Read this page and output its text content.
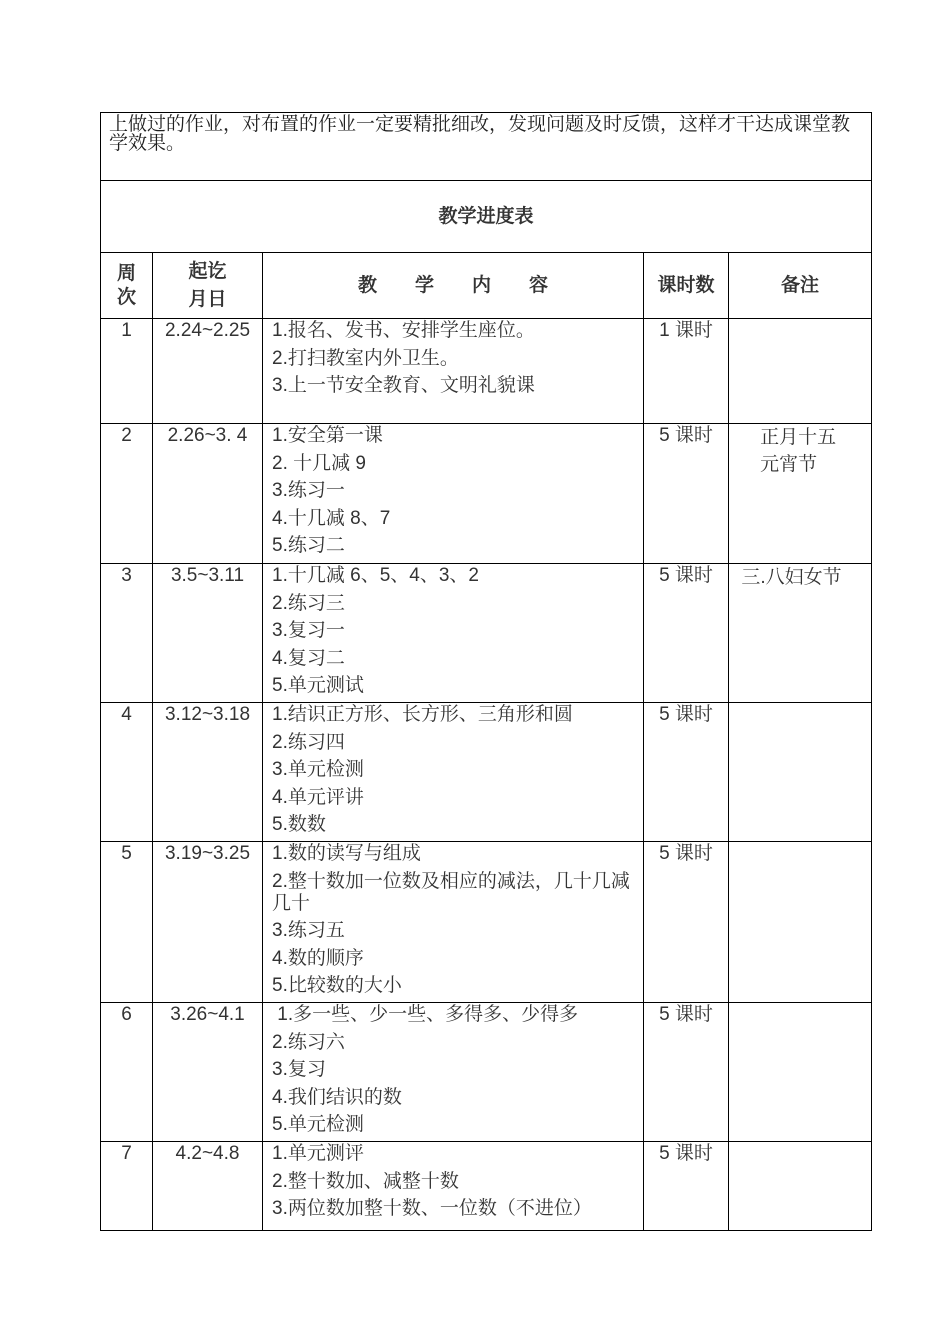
上做过的作业，对布置的作业一定要精批细改，发现问题及时反馈，这样才干达成课堂教学效果。				
教学进度表				

周次	起讫月日	教　　学　　内　　容	课时数	备注
1	2.24~2.25	1.报名、发书、安排学生座位。
2.打扫教室内外卫生。
3.上一节安全教育、文明礼貌课	1 课时	
2	2.26~3. 4	1.安全第一课
2. 十几减 9
3.练习一
4.十几减 8、7
5.练习二	5 课时	正月十五元宵节

3	3.5~3.11	1.十几减 6、5、4、3、2
2.练习三
3.复习一
4.复习二
5.单元测试	5 课时	三.八妇女节

4	3.12~3.18	1.结识正方形、长方形、三角形和圆
2.练习四
3.单元检测
4.单元评讲
5.数数	5 课时	
5	3.19~3.25	1.数的读写与组成
2.整十数加一位数及相应的减法，几十几减几十
3.练习五
4.数的顺序
5.比较数的大小	5 课时	
6	3.26~4.1	1.多一些、少一些、多得多、少得多
2.练习六
3.复习
4.我们结识的数
5.单元检测	5 课时	
7	4.2~4.8	1.单元测评
2.整十数加、减整十数
3.两位数加整十数、一位数（不进位）	5 课时	
